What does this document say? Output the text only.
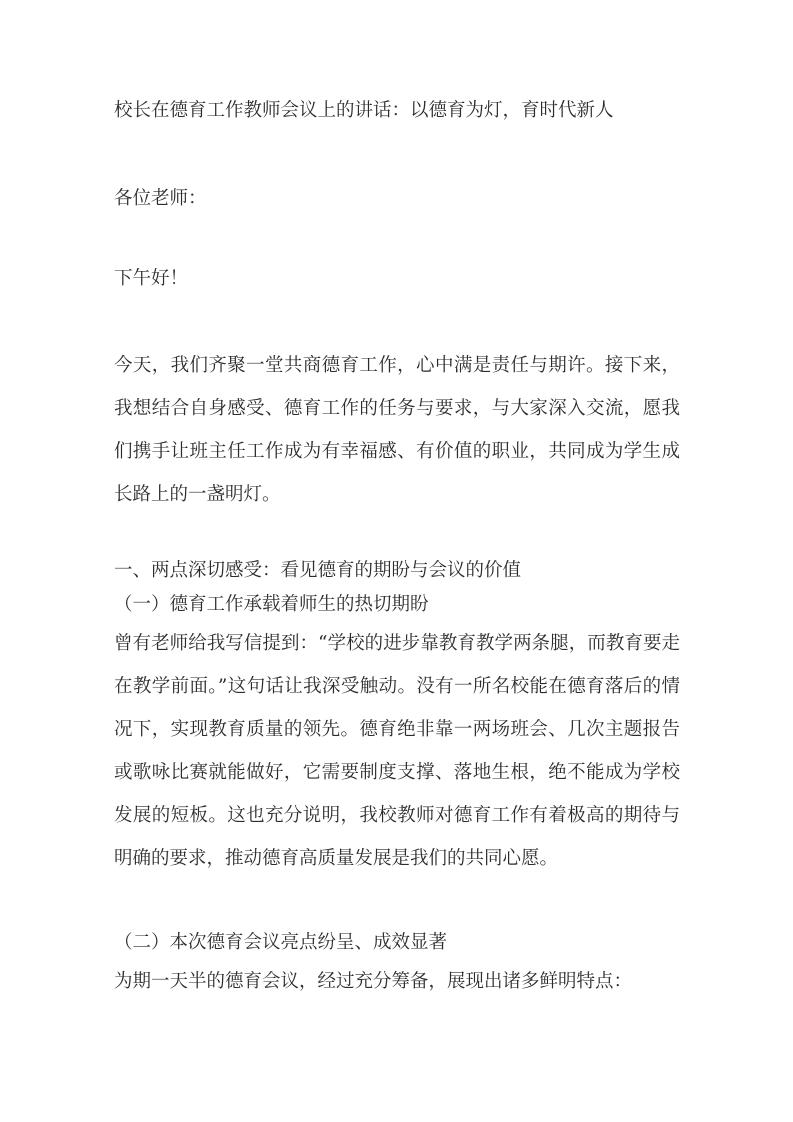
校长在德育工作教师会议上的讲话：以德育为灯，育时代新人

各位老师：

下午好！

今天，我们齐聚一堂共商德育工作，心中满是责任与期许。接下来，我想结合自身感受、德育工作的任务与要求，与大家深入交流，愿我们携手让班主任工作成为有幸福感、有价值的职业，共同成为学生成长路上的一盏明灯。

一、两点深切感受：看见德育的期盼与会议的价值

（一）德育工作承载着师生的热切期盼

曾有老师给我写信提到：“学校的进步靠教育教学两条腿，而教育要走在教学前面。”这句话让我深受触动。没有一所名校能在德育落后的情况下，实现教育质量的领先。德育绝非靠一两场班会、几次主题报告或歌咏比赛就能做好，它需要制度支撑、落地生根，绝不能成为学校发展的短板。这也充分说明，我校教师对德育工作有着极高的期待与明确的要求，推动德育高质量发展是我们的共同心愿。

（二）本次德育会议亮点纷呈、成效显著

为期一天半的德育会议，经过充分筹备，展现出诸多鲜明特点：
